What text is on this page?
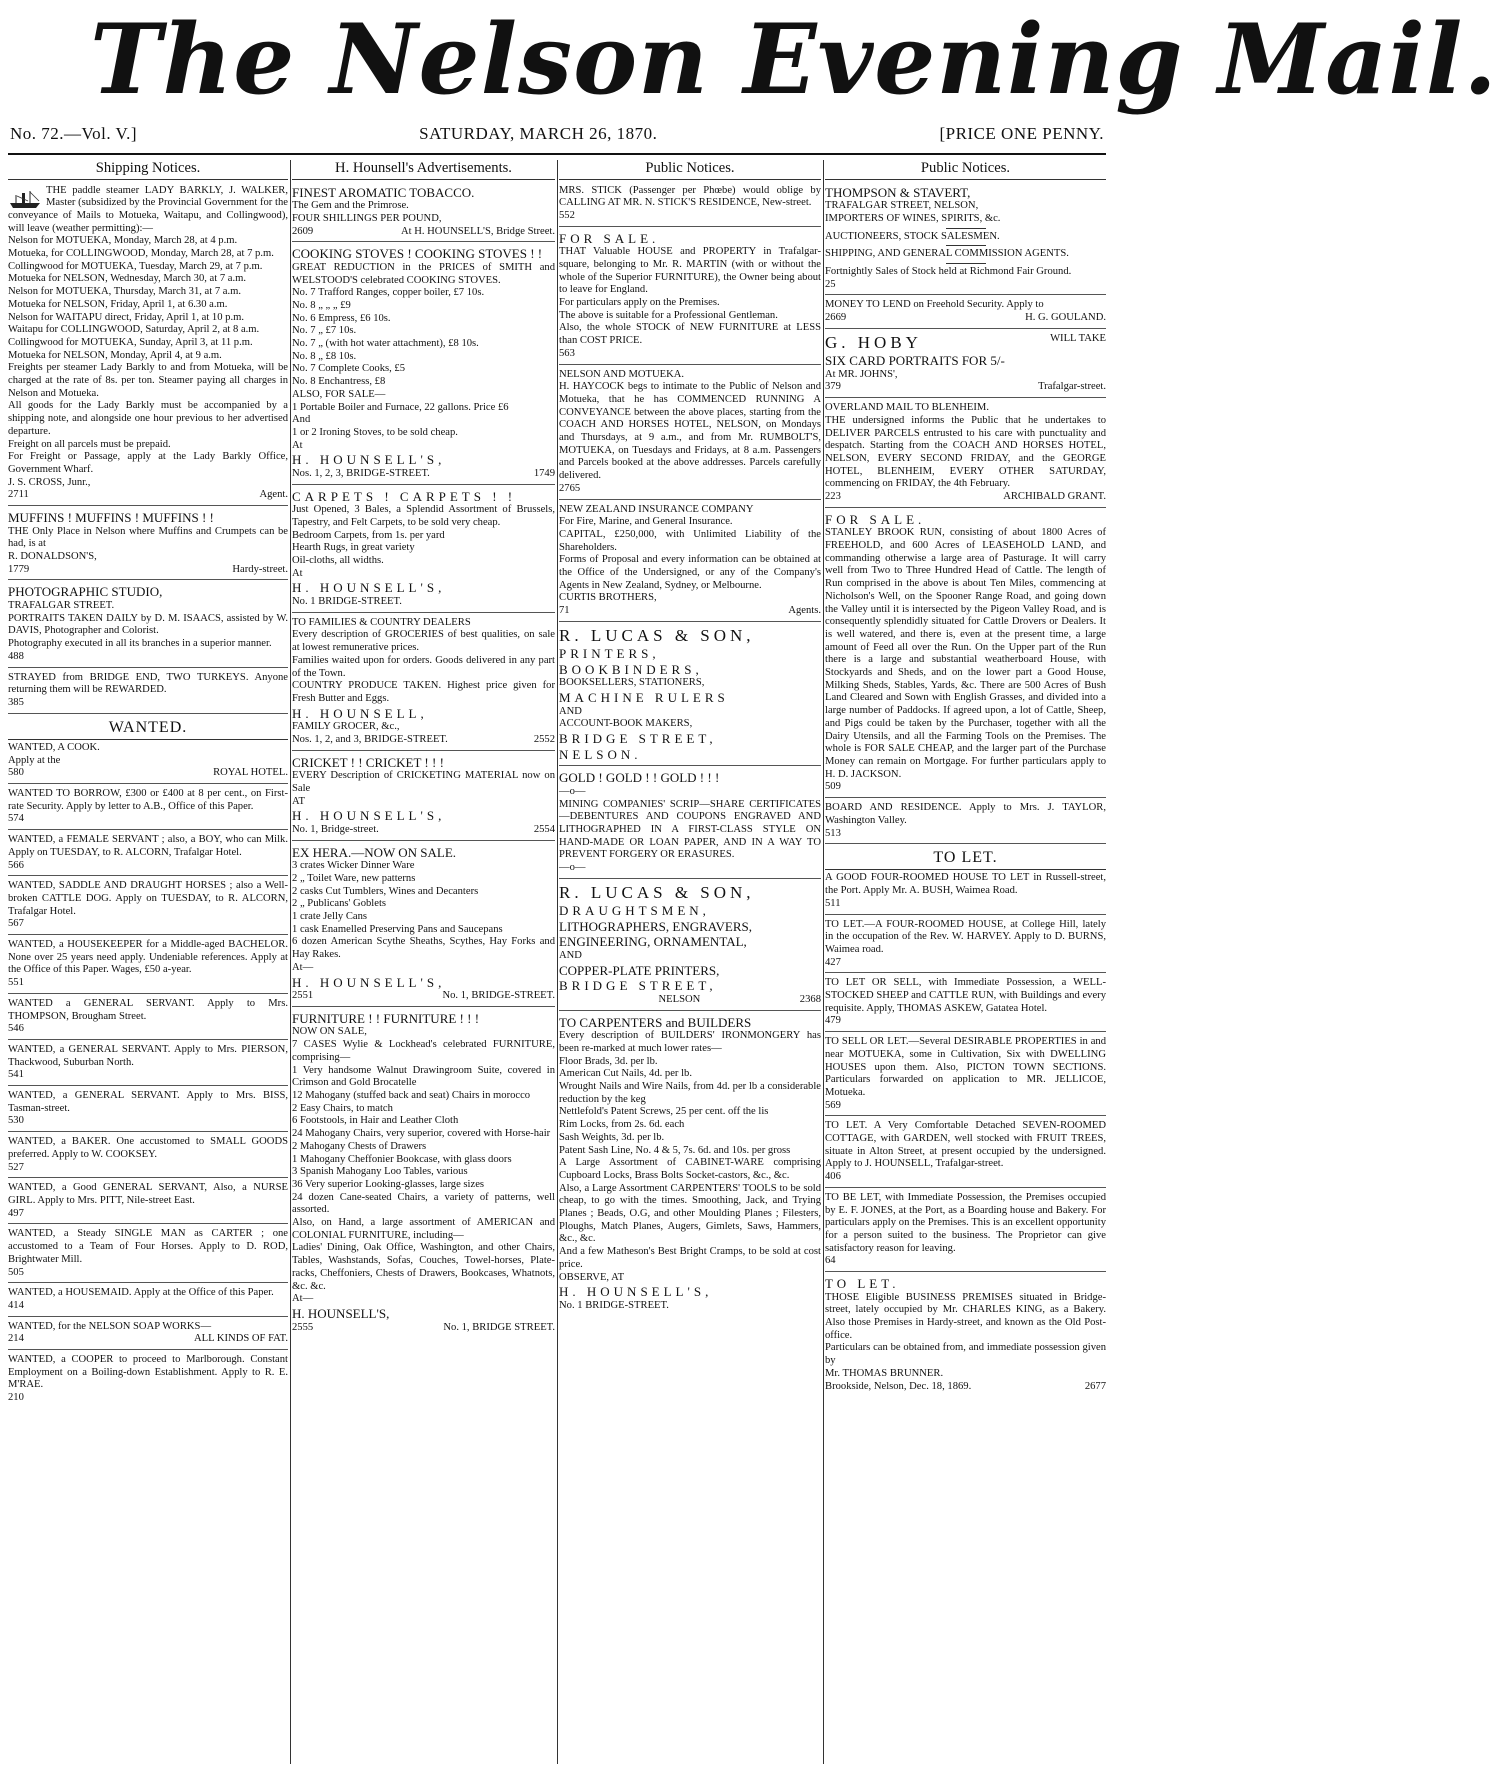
The Nelson Evening Mail.
No. 72.—Vol. V.]	SATURDAY, MARCH 26, 1870.	[PRICE ONE PENNY.
Shipping Notices.

THE paddle steamer LADY BARKLY, J. WALKER, Master (subsidized by the Provincial Government for the conveyance of Mails to Motueka, Waitapu, and Collingwood), will leave (weather permitting):—

Nelson for MOTUEKA, Monday, March 28, at 4 p.m.

Motueka, for COLLINGWOOD, Monday, March 28, at 7 p.m.

Collingwood for MOTUEKA, Tuesday, March 29, at 7 p.m.

Motueka for NELSON, Wednesday, March 30, at 7 a.m.

Nelson for MOTUEKA, Thursday, March 31, at 7 a.m.

Motueka for NELSON, Friday, April 1, at 6.30 a.m.

Nelson for WAITAPU direct, Friday, April 1, at 10 p.m.

Waitapu for COLLINGWOOD, Saturday, April 2, at 8 a.m.

Collingwood for MOTUEKA, Sunday, April 3, at 11 p.m.

Motueka for NELSON, Monday, April 4, at 9 a.m.

Freights per steamer Lady Barkly to and from Motueka, will be charged at the rate of 8s. per ton. Steamer paying all charges in Nelson and Motueka.

All goods for the Lady Barkly must be accompanied by a shipping note, and alongside one hour previous to her advertised departure.

Freight on all parcels must be prepaid.

For Freight or Passage, apply at the Lady Barkly Office, Government Wharf.

J. S. CROSS, Junr.,

2711	Agent.

MUFFINS ! MUFFINS ! MUFFINS ! !

THE Only Place in Nelson where Muffins and Crumpets can be had, is at

R. DONALDSON'S,

1779	Hardy-street.

PHOTOGRAPHIC STUDIO,

TRAFALGAR STREET.

PORTRAITS TAKEN DAILY by D. M. ISAACS, assisted by W. DAVIS, Photographer and Colorist.

Photography executed in all its branches in a superior manner.

488

STRAYED from BRIDGE END, TWO TURKEYS. Anyone returning them will be REWARDED.

385

WANTED.

WANTED, A COOK.

Apply at the

580	ROYAL HOTEL.

WANTED TO BORROW, £300 or £400 at 8 per cent., on First-rate Security. Apply by letter to A.B., Office of this Paper.

574

WANTED, a FEMALE SERVANT ; also, a BOY, who can Milk. Apply on TUESDAY, to R. ALCORN, Trafalgar Hotel.

566

WANTED, SADDLE AND DRAUGHT HORSES ; also a Well-broken CATTLE DOG. Apply on TUESDAY, to R. ALCORN, Trafalgar Hotel.

567

WANTED, a HOUSEKEEPER for a Middle-aged BACHELOR. None over 25 years need apply. Undeniable references. Apply at the Office of this Paper. Wages, £50 a-year.

551

WANTED a GENERAL SERVANT. Apply to Mrs. THOMPSON, Brougham Street.

546

WANTED, a GENERAL SERVANT. Apply to Mrs. PIERSON, Thackwood, Suburban North.

541

WANTED, a GENERAL SERVANT. Apply to Mrs. BISS, Tasman-street.

530

WANTED, a BAKER. One accustomed to SMALL GOODS preferred. Apply to W. COOKSEY.

527

WANTED, a Good GENERAL SERVANT, Also, a NURSE GIRL. Apply to Mrs. PITT, Nile-street East.

497

WANTED, a Steady SINGLE MAN as CARTER ; one accustomed to a Team of Four Horses. Apply to D. ROD, Brightwater Mill.

505

WANTED, a HOUSEMAID. Apply at the Office of this Paper.

414

WANTED, for the NELSON SOAP WORKS—

214	ALL KINDS OF FAT.

WANTED, a COOPER to proceed to Marlborough. Constant Employment on a Boiling-down Establishment. Apply to R. E. M'RAE.

210

H. Hounsell's Advertisements.

FINEST AROMATIC TOBACCO.

The Gem and the Primrose.

FOUR SHILLINGS PER POUND,

2609	At H. HOUNSELL'S, Bridge Street.

COOKING STOVES ! COOKING STOVES ! !

GREAT REDUCTION in the PRICES of SMITH and WELSTOOD'S celebrated COOKING STOVES.

No. 7 Trafford Ranges, copper boiler, £7 10s.

No. 8 „ „ „ £9

No. 6 Empress, £6 10s.

No. 7 „ £7 10s.

No. 7 „ (with hot water attachment), £8 10s.

No. 8 „ £8 10s.

No. 7 Complete Cooks, £5

No. 8 Enchantress, £8

ALSO, FOR SALE—

1 Portable Boiler and Furnace, 22 gallons. Price £6

And

1 or 2 Ironing Stoves, to be sold cheap.

At

H. HOUNSELL'S,

Nos. 1, 2, 3, BRIDGE-STREET.	1749

CARPETS ! CARPETS ! !

Just Opened, 3 Bales, a Splendid Assortment of Brussels, Tapestry, and Felt Carpets, to be sold very cheap.

Bedroom Carpets, from 1s. per yard

Hearth Rugs, in great variety

Oil-cloths, all widths.

At

H. HOUNSELL'S,

No. 1 BRIDGE-STREET.

TO FAMILIES & COUNTRY DEALERS

Every description of GROCERIES of best qualities, on sale at lowest remunerative prices.

Families waited upon for orders. Goods delivered in any part of the Town.

COUNTRY PRODUCE TAKEN. Highest price given for Fresh Butter and Eggs.

H. HOUNSELL,

FAMILY GROCER, &c.,

Nos. 1, 2, and 3, BRIDGE-STREET.	2552

CRICKET ! ! CRICKET ! ! !

EVERY Description of CRICKETING MATERIAL now on Sale

AT

H. HOUNSELL'S,

No. 1, Bridge-street.	2554

EX HERA.—NOW ON SALE.

3 crates Wicker Dinner Ware

2 „ Toilet Ware, new patterns

2 casks Cut Tumblers, Wines and Decanters

2 „ Publicans' Goblets

1 crate Jelly Cans

1 cask Enamelled Preserving Pans and Saucepans

6 dozen American Scythe Sheaths, Scythes, Hay Forks and Hay Rakes.

At—

H. HOUNSELL'S,

2551	No. 1, BRIDGE-STREET.

FURNITURE ! ! FURNITURE ! ! !

NOW ON SALE,

7 CASES Wylie & Lockhead's celebrated FURNITURE, comprising—

1 Very handsome Walnut Drawingroom Suite, covered in Crimson and Gold Brocatelle

12 Mahogany (stuffed back and seat) Chairs in morocco

2 Easy Chairs, to match

6 Footstools, in Hair and Leather Cloth

24 Mahogany Chairs, very superior, covered with Horse-hair

2 Mahogany Chests of Drawers

1 Mahogany Cheffonier Bookcase, with glass doors

3 Spanish Mahogany Loo Tables, various

36 Very superior Looking-glasses, large sizes

24 dozen Cane-seated Chairs, a variety of patterns, well assorted.

Also, on Hand, a large assortment of AMERICAN and COLONIAL FURNITURE, including—

Ladies' Dining, Oak Office, Washington, and other Chairs, Tables, Washstands, Sofas, Couches, Towel-horses, Plate-racks, Cheffoniers, Chests of Drawers, Bookcases, Whatnots, &c. &c.

At—

H. HOUNSELL'S,

2555	No. 1, BRIDGE STREET.
Public Notices.

MRS. STICK (Passenger per Phœbe) would oblige by CALLING AT MR. N. STICK'S RESIDENCE, New-street.

552

FOR SALE.

THAT Valuable HOUSE and PROPERTY in Trafalgar-square, belonging to Mr. R. MARTIN (with or without the whole of the Superior FURNITURE), the Owner being about to leave for England.

For particulars apply on the Premises.

The above is suitable for a Professional Gentleman.

Also, the whole STOCK of NEW FURNITURE at LESS than COST PRICE.

563

NELSON AND MOTUEKA.

H. HAYCOCK begs to intimate to the Public of Nelson and Motueka, that he has COMMENCED RUNNING A CONVEYANCE between the above places, starting from the COACH AND HORSES HOTEL, NELSON, on Mondays and Thursdays, at 9 a.m., and from Mr. RUMBOLT'S, MOTUEKA, on Tuesdays and Fridays, at 8 a.m. Passengers and Parcels booked at the above addresses. Parcels carefully delivered.

2765

NEW ZEALAND INSURANCE COMPANY

For Fire, Marine, and General Insurance.

CAPITAL, £250,000, with Unlimited Liability of the Shareholders.

Forms of Proposal and every information can be obtained at the Office of the Undersigned, or any of the Company's Agents in New Zealand, Sydney, or Melbourne.

CURTIS BROTHERS,

71	Agents.

R. LUCAS & SON,

PRINTERS,

BOOKBINDERS,

BOOKSELLERS, STATIONERS,

MACHINE RULERS

AND

ACCOUNT-BOOK MAKERS,

BRIDGE STREET,

NELSON.

GOLD ! GOLD ! ! GOLD ! ! !

—o—

MINING COMPANIES' SCRIP—SHARE CERTIFICATES—DEBENTURES AND COUPONS ENGRAVED AND LITHOGRAPHED IN A FIRST-CLASS STYLE ON HAND-MADE OR LOAN PAPER, AND IN A WAY TO PREVENT FORGERY OR ERASURES.

—o—

R. LUCAS & SON,

DRAUGHTSMEN,

LITHOGRAPHERS, ENGRAVERS,

ENGINEERING, ORNAMENTAL,

AND

COPPER-PLATE PRINTERS,

BRIDGE STREET,

NELSON	2368

TO CARPENTERS and BUILDERS

Every description of BUILDERS' IRONMONGERY has been re-marked at much lower rates—

Floor Brads, 3d. per lb.

American Cut Nails, 4d. per lb.

Wrought Nails and Wire Nails, from 4d. per lb a considerable reduction by the keg

Nettlefold's Patent Screws, 25 per cent. off the lis

Rim Locks, from 2s. 6d. each

Sash Weights, 3d. per lb.

Patent Sash Line, No. 4 & 5, 7s. 6d. and 10s. per gross

A Large Assortment of CABINET-WARE comprising Cupboard Locks, Brass Bolts Socket-castors, &c., &c.

Also, a Large Assortment CARPENTERS' TOOLS to be sold cheap, to go with the times. Smoothing, Jack, and Trying Planes ; Beads, O.G, and other Moulding Planes ; Filesters, Ploughs, Match Planes, Augers, Gimlets, Saws, Hammers, &c., &c.

And a few Matheson's Best Bright Cramps, to be sold at cost price.

OBSERVE, AT

H. HOUNSELL'S,

No. 1 BRIDGE-STREET.

Public Notices.

THOMPSON & STAVERT,

TRAFALGAR STREET, NELSON,

IMPORTERS OF WINES, SPIRITS, &c.

AUCTIONEERS, STOCK SALESMEN.

SHIPPING, AND GENERAL COMMISSION AGENTS.

Fortnightly Sales of Stock held at Richmond Fair Ground.

25

MONEY TO LEND on Freehold Security. Apply to

2669	H. G. GOULAND.
G. HOBY	WILL TAKE

SIX CARD PORTRAITS FOR 5/-

At MR. JOHNS',

379	Trafalgar-street.

OVERLAND MAIL TO BLENHEIM.

THE undersigned informs the Public that he undertakes to DELIVER PARCELS entrusted to his care with punctuality and despatch. Starting from the COACH AND HORSES HOTEL, NELSON, EVERY SECOND FRIDAY, and the GEORGE HOTEL, BLENHEIM, EVERY OTHER SATURDAY, commencing on FRIDAY, the 4th February.

223	ARCHIBALD GRANT.

FOR SALE.

STANLEY BROOK RUN, consisting of about 1800 Acres of FREEHOLD, and 600 Acres of LEASEHOLD LAND, and commanding otherwise a large area of Pasturage. It will carry well from Two to Three Hundred Head of Cattle. The length of Run comprised in the above is about Ten Miles, commencing at Nicholson's Well, on the Spooner Range Road, and going down the Valley until it is intersected by the Pigeon Valley Road, and is consequently splendidly situated for Cattle Drovers or Dealers. It is well watered, and there is, even at the present time, a large amount of Feed all over the Run. On the Upper part of the Run there is a large and substantial weatherboard House, with Stockyards and Sheds, and on the lower part a Good House, Milking Sheds, Stables, Yards, &c. There are 500 Acres of Bush Land Cleared and Sown with English Grasses, and divided into a large number of Paddocks. If agreed upon, a lot of Cattle, Sheep, and Pigs could be taken by the Purchaser, together with all the Dairy Utensils, and all the Farming Tools on the Premises. The whole is FOR SALE CHEAP, and the larger part of the Purchase Money can remain on Mortgage. For further particulars apply to H. D. JACKSON.

509

BOARD AND RESIDENCE. Apply to Mrs. J. TAYLOR, Washington Valley.

513

TO LET.

A GOOD FOUR-ROOMED HOUSE TO LET in Russell-street, the Port. Apply Mr. A. BUSH, Waimea Road.

511

TO LET.—A FOUR-ROOMED HOUSE, at College Hill, lately in the occupation of the Rev. W. HARVEY. Apply to D. BURNS, Waimea road.

427

TO LET OR SELL, with Immediate Possession, a WELL-STOCKED SHEEP and CATTLE RUN, with Buildings and every requisite. Apply, THOMAS ASKEW, Gatatea Hotel.

479

TO SELL OR LET.—Several DESIRABLE PROPERTIES in and near MOTUEKA, some in Cultivation, Six with DWELLING HOUSES upon them. Also, PICTON TOWN SECTIONS. Particulars forwarded on application to MR. JELLICOE, Motueka.

569

TO LET. A Very Comfortable Detached SEVEN-ROOMED COTTAGE, with GARDEN, well stocked with FRUIT TREES, situate in Alton Street, at present occupied by the undersigned. Apply to J. HOUNSELL, Trafalgar-street.

406

TO BE LET, with Immediate Possession, the Premises occupied by E. F. JONES, at the Port, as a Boarding house and Bakery. For particulars apply on the Premises. This is an excellent opportunity for a person suited to the business. The Proprietor can give satisfactory reason for leaving.

64

TO LET.

THOSE Eligible BUSINESS PREMISES situated in Bridge-street, lately occupied by Mr. CHARLES KING, as a Bakery. Also those Premises in Hardy-street, and known as the Old Post-office.

Particulars can be obtained from, and immediate possession given by

Mr. THOMAS BRUNNER.

Brookside, Nelson, Dec. 18, 1869.	2677
